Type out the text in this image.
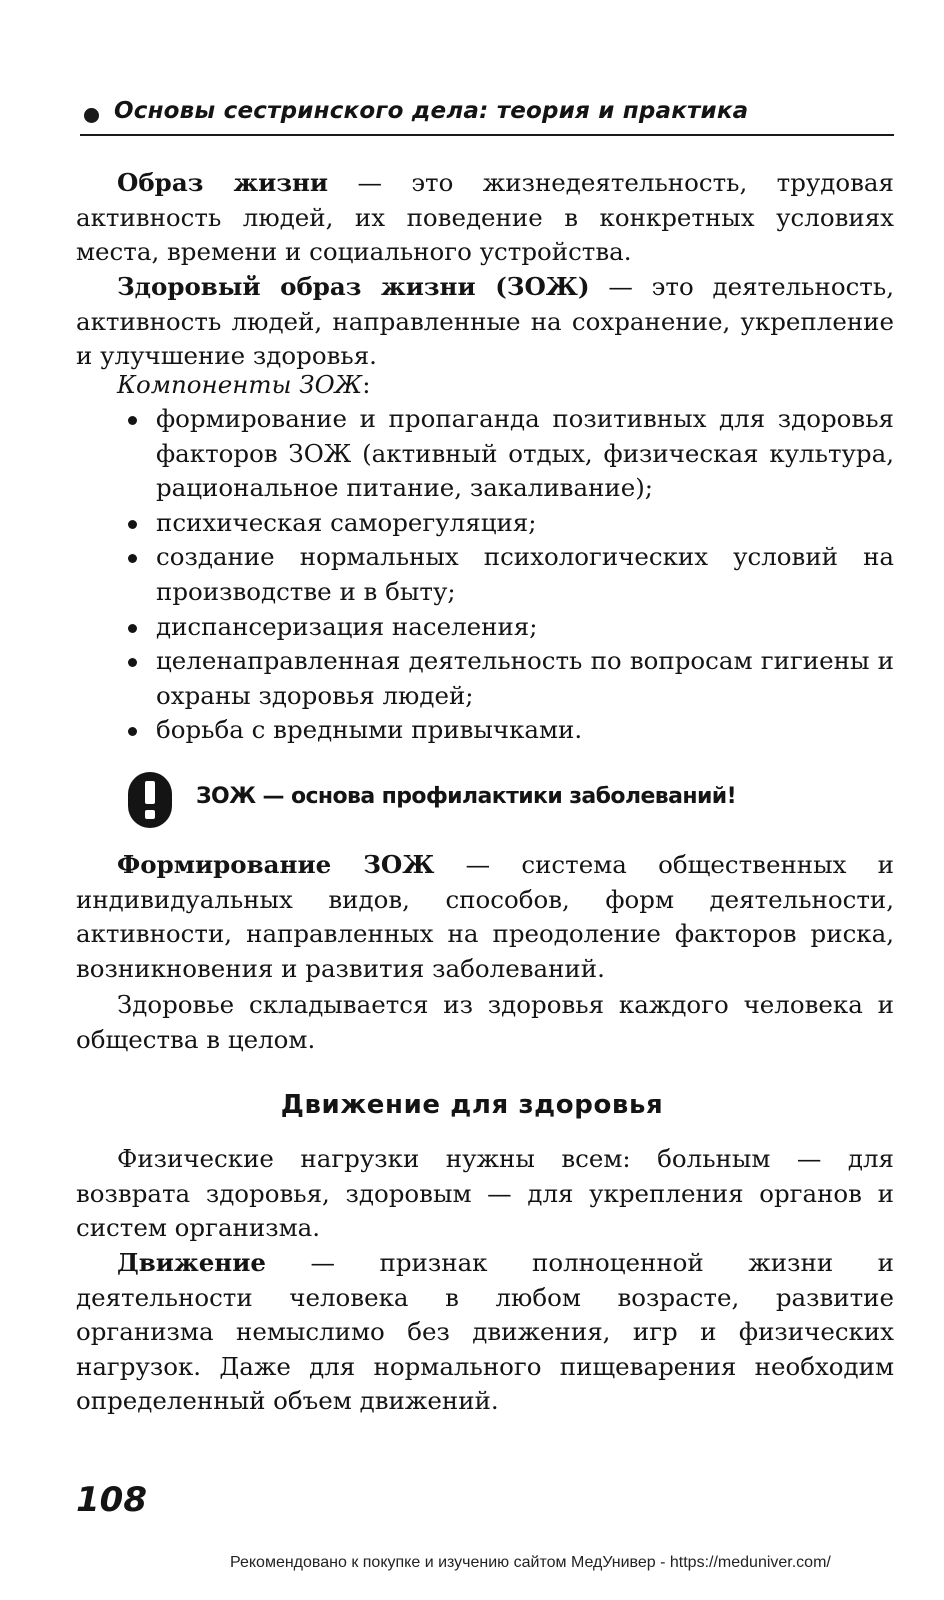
Основы сестринского дела: теория и практика
Образ жизни — это жизнедеятельность, трудовая активность людей, их поведение в конкретных условиях места, времени и социального устройства.
Здоровый образ жизни (ЗОЖ) — это деятельность, активность людей, направленные на сохранение, укрепление и улучшение здоровья.
Компоненты ЗОЖ:
формирование и пропаганда позитивных для здоровья факторов ЗОЖ (активный отдых, физическая культура, рациональное питание, закаливание);
психическая саморегуляция;
создание нормальных психологических условий на производстве и в быту;
диспансеризация населения;
целенаправленная деятельность по вопросам гигиены и охраны здоровья людей;
борьба с вредными привычками.
ЗОЖ — основа профилактики заболеваний!
Формирование ЗОЖ — система общественных и индивидуальных видов, способов, форм деятельности, активности, направленных на преодоление факторов риска, возникновения и развития заболеваний.
Здоровье складывается из здоровья каждого человека и общества в целом.
Движение для здоровья
Физические нагрузки нужны всем: больным — для возврата здоровья, здоровым — для укрепления органов и систем организма.
Движение — признак полноценной жизни и деятельности человека в любом возрасте, развитие организма немыслимо без движения, игр и физических нагрузок. Даже для нормального пищеварения необходим определенный объем движений.
108
Рекомендовано к покупке и изучению сайтом МедУнивер - https://meduniver.com/
